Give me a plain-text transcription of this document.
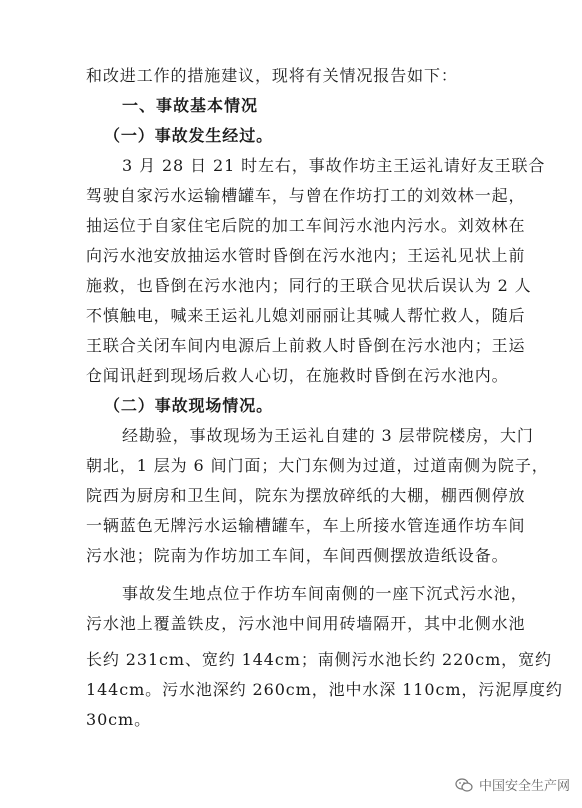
和改进工作的措施建议，现将有关情况报告如下：
一、事故基本情况
（一）事故发生经过。
3 月 28 日 21 时左右，事故作坊主王运礼请好友王联合
驾驶自家污水运输槽罐车，与曾在作坊打工的刘效林一起，
抽运位于自家住宅后院的加工车间污水池内污水。刘效林在
向污水池安放抽运水管时昏倒在污水池内；王运礼见状上前
施救，也昏倒在污水池内；同行的王联合见状后误认为 2 人
不慎触电，喊来王运礼儿媳刘丽丽让其喊人帮忙救人，随后
王联合关闭车间内电源后上前救人时昏倒在污水池内；王运
仓闻讯赶到现场后救人心切，在施救时昏倒在污水池内。
（二）事故现场情况。
经勘验，事故现场为王运礼自建的 3 层带院楼房，大门
朝北，1 层为 6 间门面；大门东侧为过道，过道南侧为院子，
院西为厨房和卫生间，院东为摆放碎纸的大棚，棚西侧停放
一辆蓝色无牌污水运输槽罐车，车上所接水管连通作坊车间
污水池；院南为作坊加工车间，车间西侧摆放造纸设备。
事故发生地点位于作坊车间南侧的一座下沉式污水池，
污水池上覆盖铁皮，污水池中间用砖墙隔开，其中北侧水池
长约 231cm、宽约 144cm；南侧污水池长约 220cm，宽约
144cm。污水池深约 260cm，池中水深 110cm，污泥厚度约
30cm。
中国安全生产网
